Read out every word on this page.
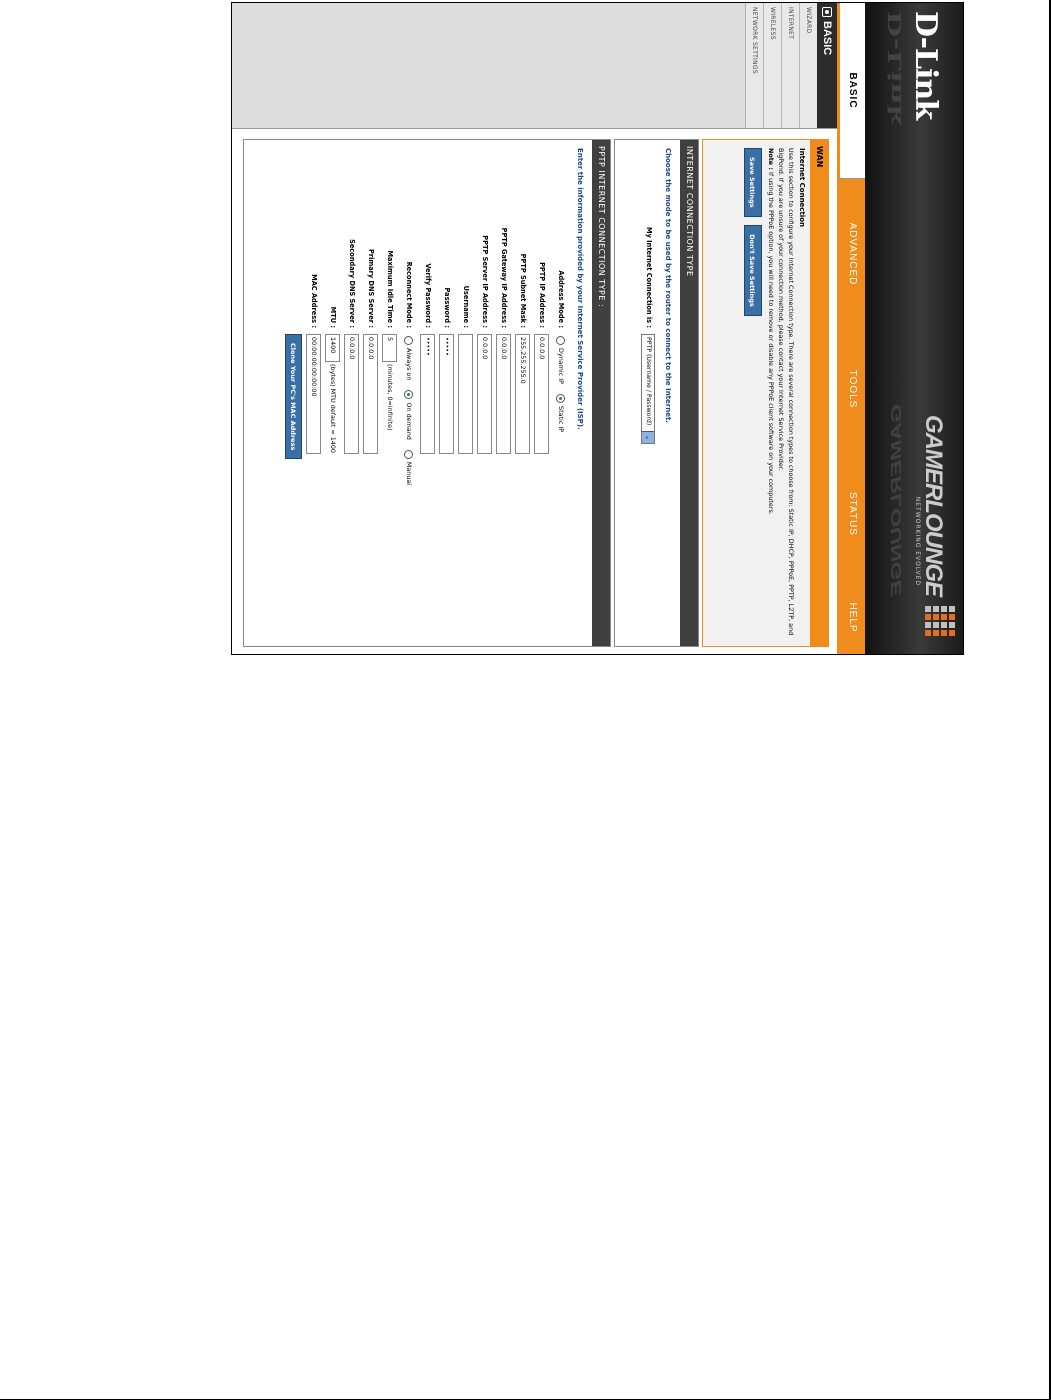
D-Link
D-Link
GAMERLOUNGE
NETWORKING EVOLVED
GAMERLOUNGE
BASIC
ADVANCED
TOOLS
STATUS
HELP
BASIC
WIZARD
INTERNET
WIRELESS
NETWORK SETTINGS
WAN
Internet Connection
Use this section to configure your Internet Connection type. There are several connection types to choose from: Static IP, DHCP, PPPoE, PPTP, L2TP, and BigPond. If you are unsure of your connection method, please contact your Internet Service Provider.
Note : If using the PPPoE option, you will need to remove or disable any PPPoE client software on your computers.
Save Settings Don't Save Settings
INTERNET CONNECTION TYPE
Choose the mode to be used by the router to connect to the Internet.
My Internet Connection is :
PPTP (Username / Password)
⌄
PPTP INTERNET CONNECTION TYPE :
Enter the information provided by your Internet Service Provider (ISP).
Address Mode :
Dynamic IP Static IP
PPTP IP Address :
0.0.0.0
PPTP Subnet Mask :
255.255.255.0
PPTP Gateway IP Address :
0.0.0.0
PPTP Server IP Address :
0.0.0.0
Username :
Password :
•••••
Verify Password :
•••••
Reconnect Mode :
Always on On demand Manual
Maximum Idle Time :
5 (minutes, 0=infinite)
Primary DNS Server :
0.0.0.0
Secondary DNS Server :
0.0.0.0
MTU :
1400 (bytes) MTU default = 1400
MAC Address :
00:00:00:00:00:00
Clone Your PC's MAC Address
